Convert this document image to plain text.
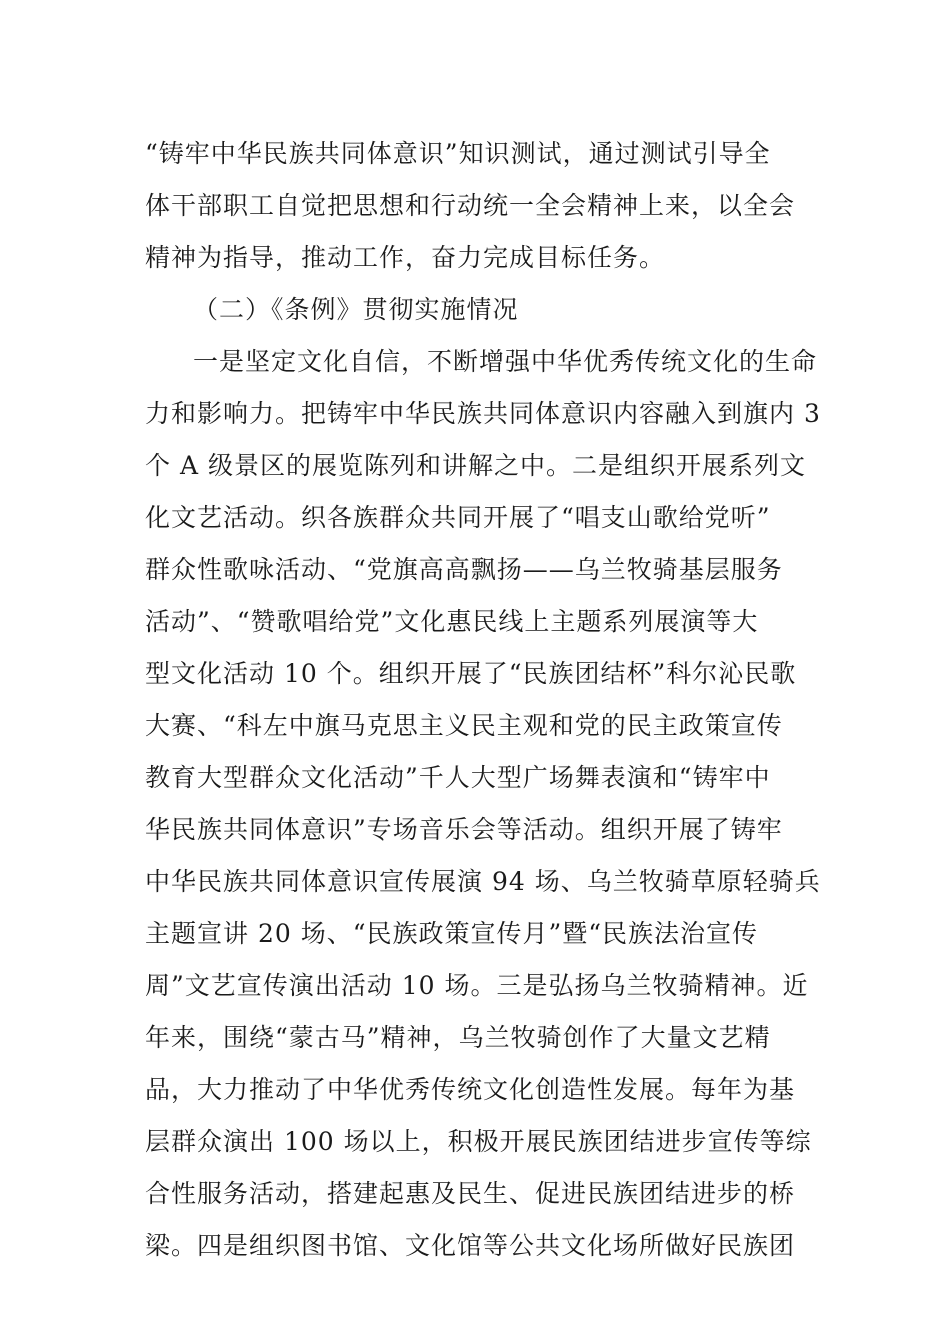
“铸牢中华民族共同体意识”知识测试，通过测试引导全
体干部职工自觉把思想和行动统一全会精神上来，以全会
精神为指导，推动工作，奋力完成目标任务。
（二）《条例》贯彻实施情况
一是坚定文化自信，不断增强中华优秀传统文化的生命
力和影响力。把铸牢中华民族共同体意识内容融入到旗内 3
个 A 级景区的展览陈列和讲解之中。二是组织开展系列文
化文艺活动。织各族群众共同开展了“唱支山歌给党听”
群众性歌咏活动、“党旗高高飘扬——乌兰牧骑基层服务
活动”、“赞歌唱给党”文化惠民线上主题系列展演等大
型文化活动 10 个。组织开展了“民族团结杯”科尔沁民歌
大赛、“科左中旗马克思主义民主观和党的民主政策宣传
教育大型群众文化活动”千人大型广场舞表演和“铸牢中
华民族共同体意识”专场音乐会等活动。组织开展了铸牢
中华民族共同体意识宣传展演 94 场、乌兰牧骑草原轻骑兵
主题宣讲 20 场、“民族政策宣传月”暨“民族法治宣传
周”文艺宣传演出活动 10 场。三是弘扬乌兰牧骑精神。近
年来，围绕“蒙古马”精神，乌兰牧骑创作了大量文艺精
品，大力推动了中华优秀传统文化创造性发展。每年为基
层群众演出 100 场以上，积极开展民族团结进步宣传等综
合性服务活动，搭建起惠及民生、促进民族团结进步的桥
梁。四是组织图书馆、文化馆等公共文化场所做好民族团
